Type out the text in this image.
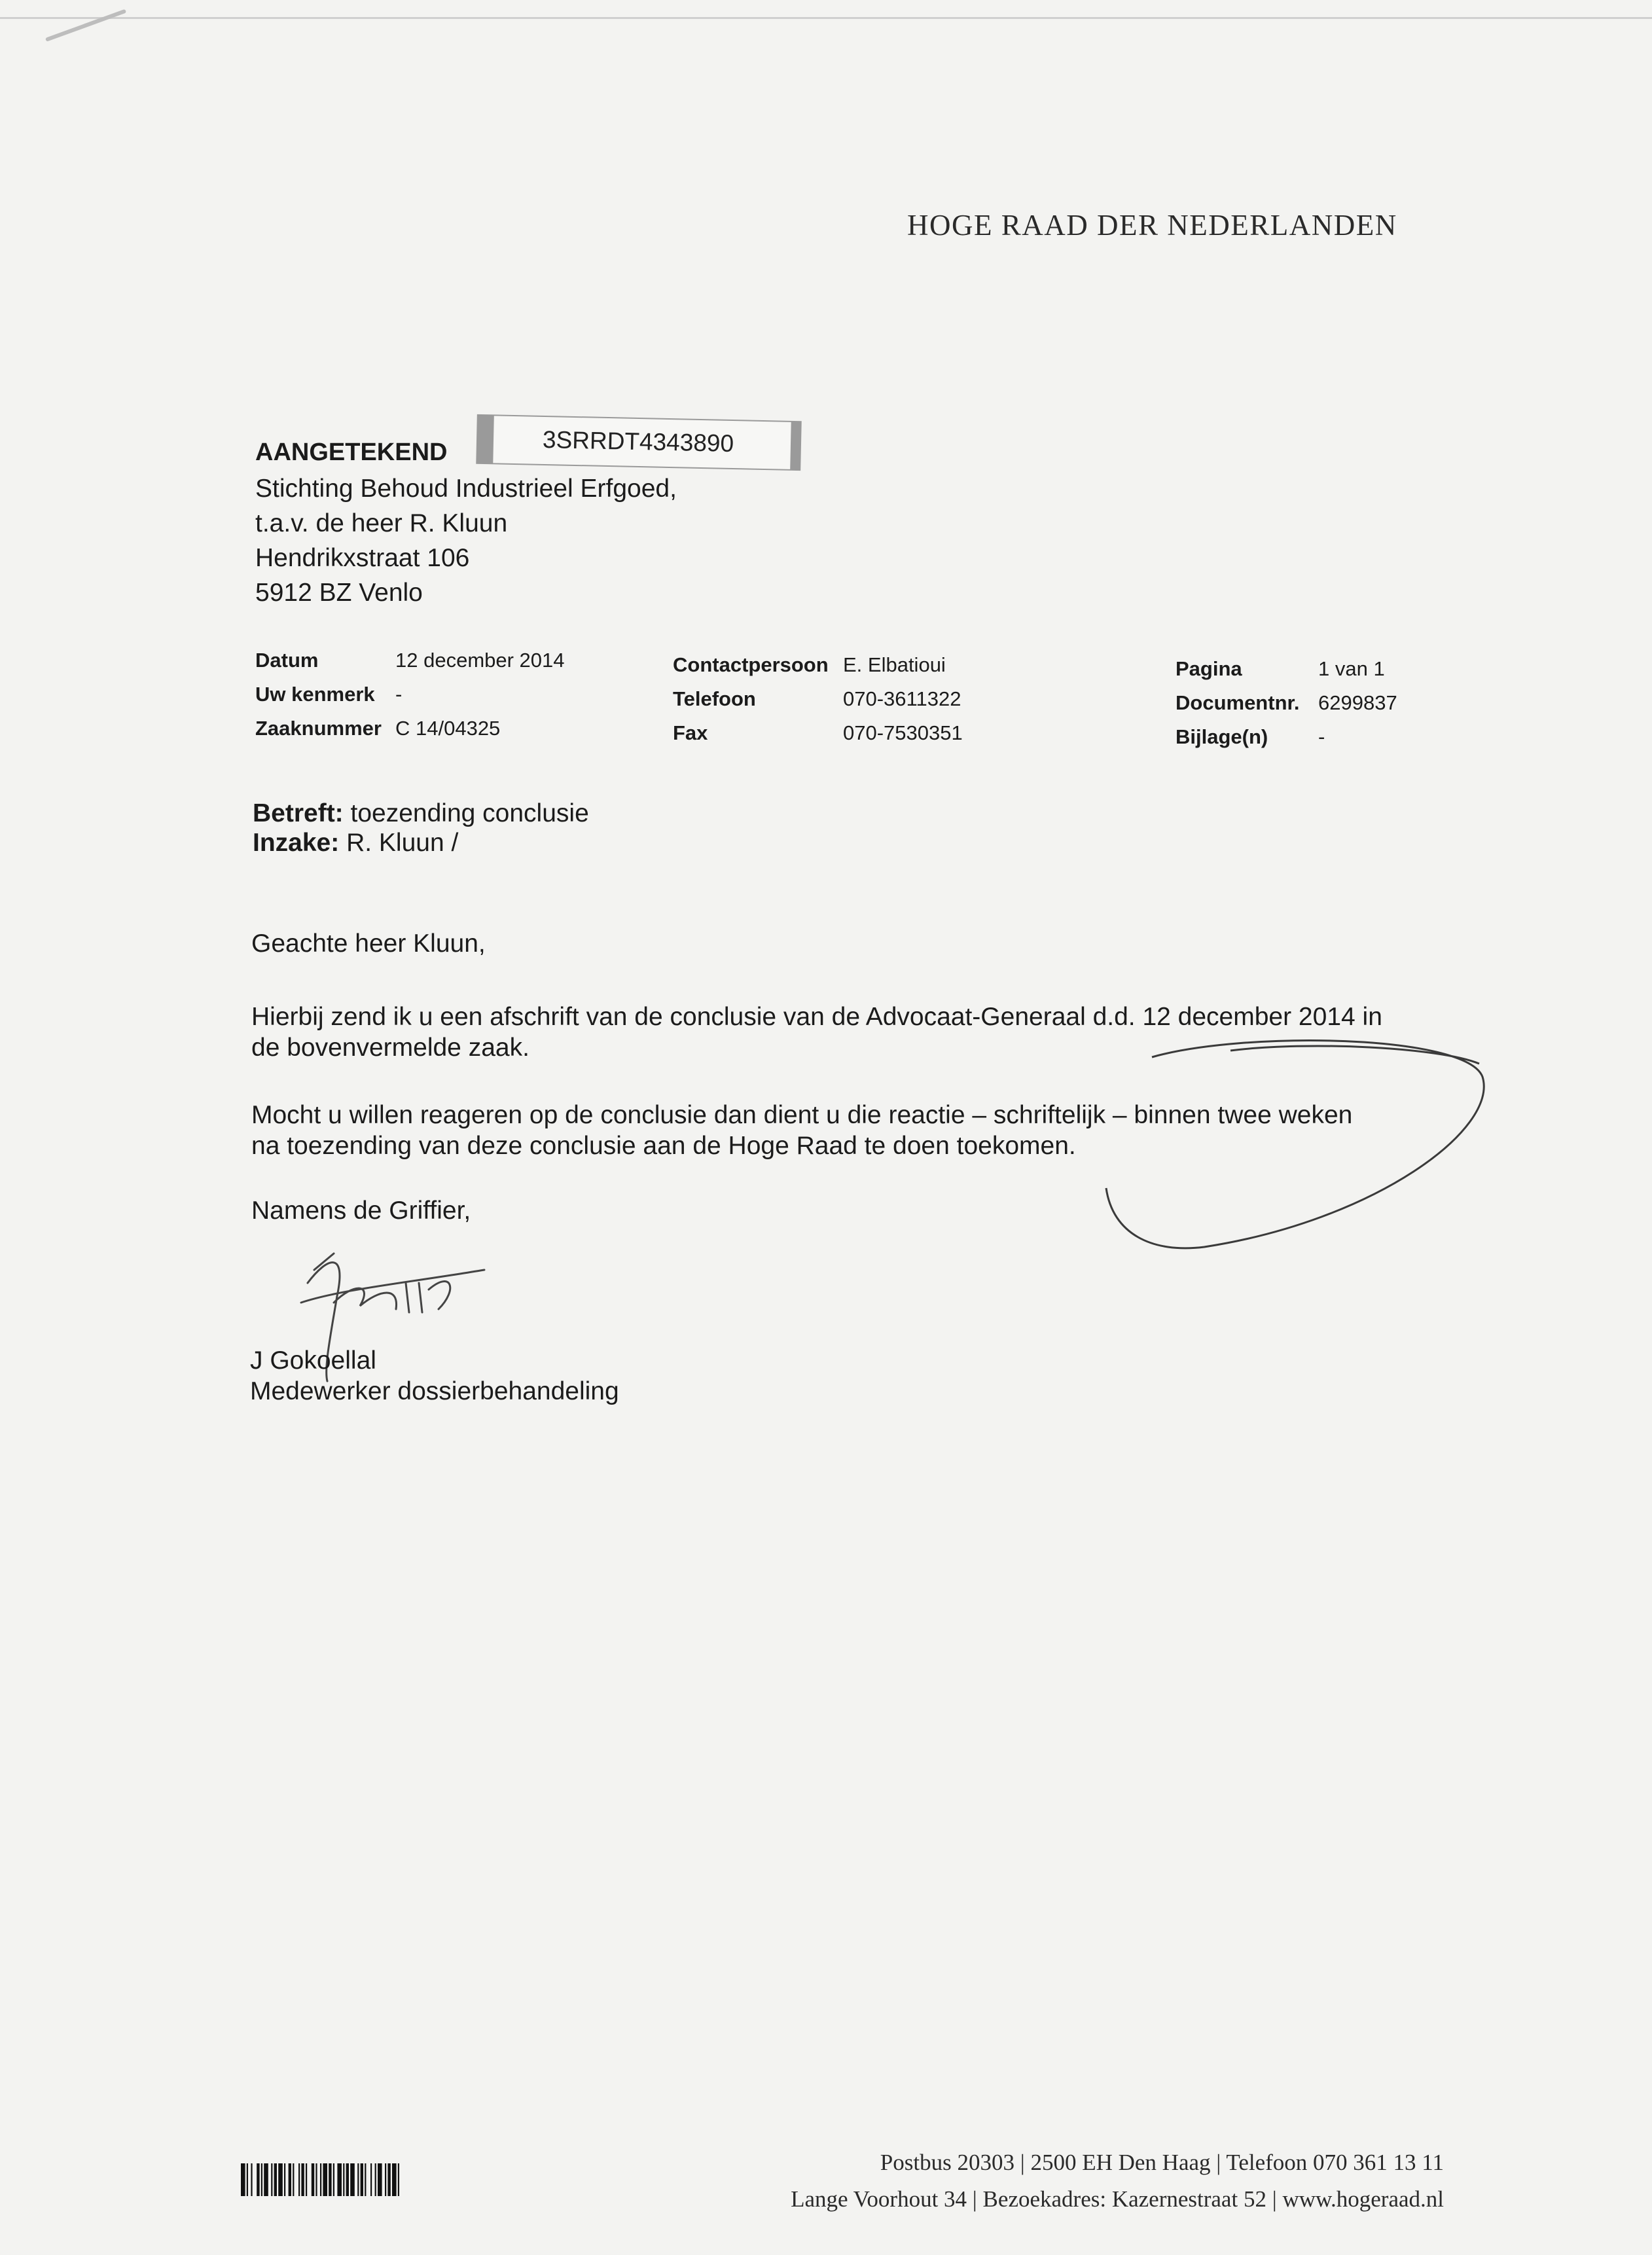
HOGE RAAD DER NEDERLANDEN
AANGETEKEND	3SRRDT4343890
Stichting Behoud Industrieel Erfgoed,
t.a.v. de heer R. Kluun
Hendrikxstraat 106
5912 BZ Venlo
Datum	12 december 2014
Uw kenmerk -
Zaaknummer C 14/04325
Contactpersoon E. Elbatioui
Telefoon	070-3611322
Fax	070-7530351
Pagina	1 van 1
Documentnr. 6299837
Bijlage(n) -
Betreft: toezending conclusie
Inzake: R. Kluun /
Geachte heer Kluun,
Hierbij zend ik u een afschrift van de conclusie van de Advocaat-Generaal d.d. 12 december 2014 in
de bovenvermelde zaak.
Mocht u willen reageren op de conclusie dan dient u die reactie – schriftelijk – binnen twee weken
na toezending van deze conclusie aan de Hoge Raad te doen toekomen.
Namens de Griffier,
J Gokoellal
Medewerker dossierbehandeling
Postbus 20303 | 2500 EH Den Haag | Telefoon 070 361 13 11
Lange Voorhout 34 | Bezoekadres: Kazernestraat 52 | www.hogeraad.nl
